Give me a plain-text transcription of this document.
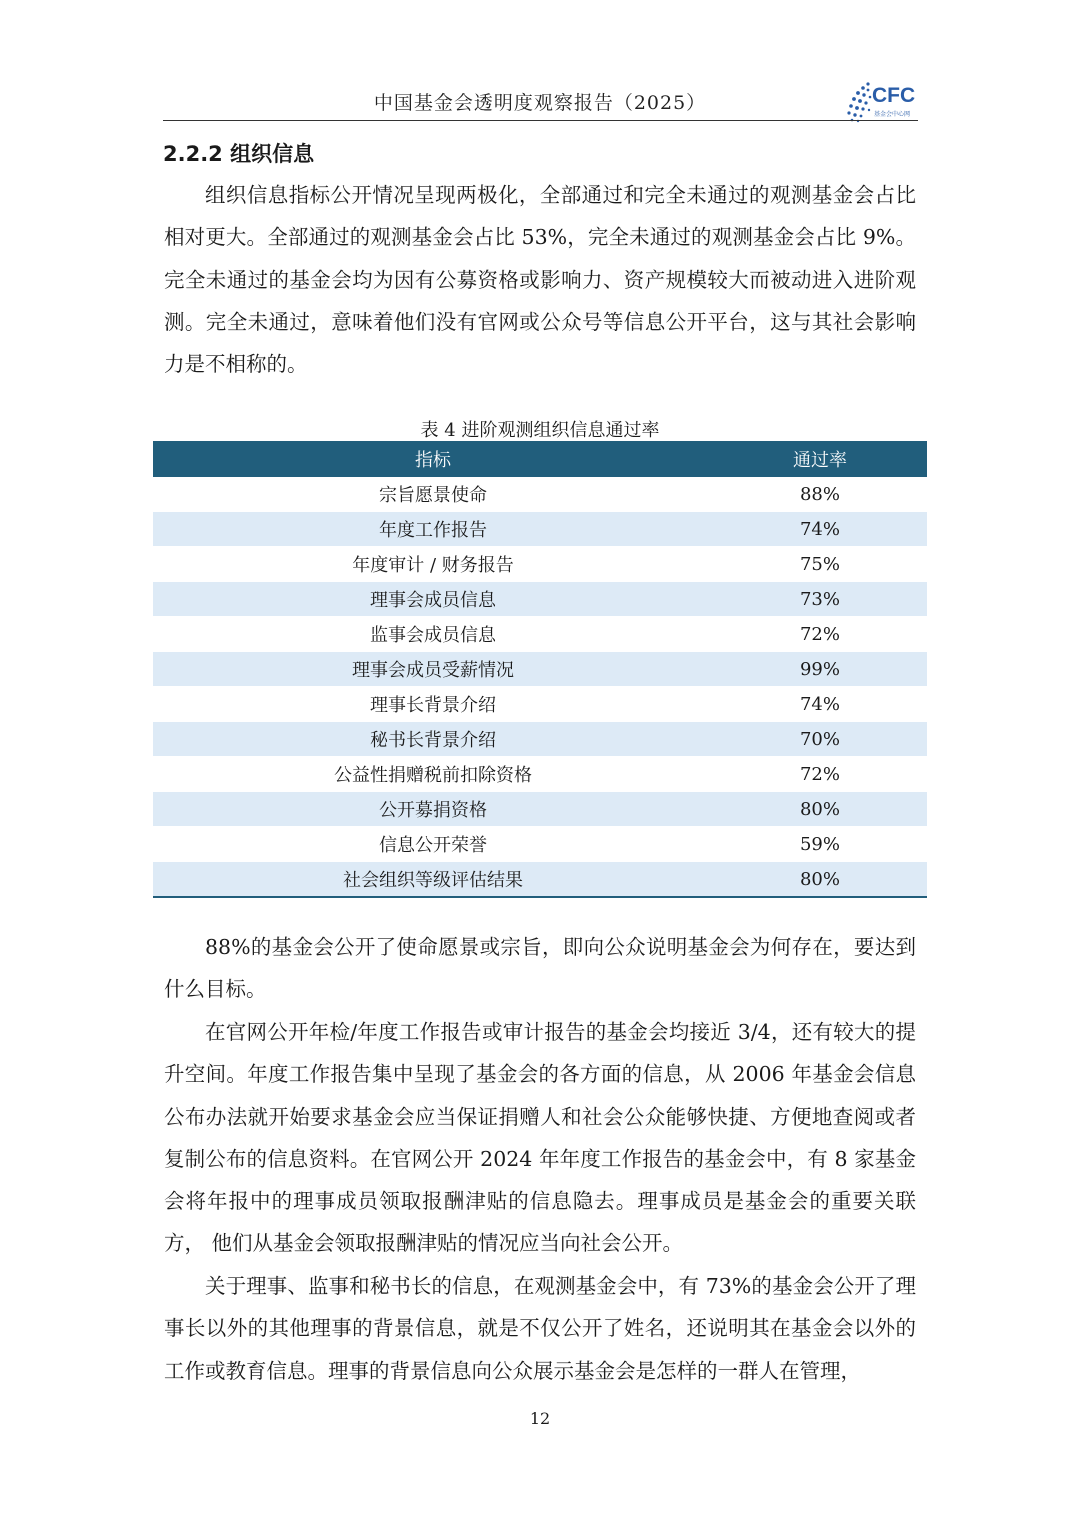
中国基金会透明度观察报告（2025）	CFC
基金会中心网
2.2.2 组织信息

组织信息指标公开情况呈现两极化，全部通过和完全未通过的观测基金会占比相对更大。全部通过的观测基金会占比 53%，完全未通过的观测基金会占比 9%。完全未通过的基金会均为因有公募资格或影响力、资产规模较大而被动进入进阶观测。完全未通过，意味着他们没有官网或公众号等信息公开平台，这与其社会影响力是不相称的。

表 4 进阶观测组织信息通过率
指标	通过率
宗旨愿景使命	88%
年度工作报告	74%
年度审计 / 财务报告	75%
理事会成员信息	73%
监事会成员信息	72%
理事会成员受薪情况	99%
理事长背景介绍	74%
秘书长背景介绍	70%
公益性捐赠税前扣除资格	72%
公开募捐资格	80%
信息公开荣誉	59%
社会组织等级评估结果	80%

88%的基金会公开了使命愿景或宗旨，即向公众说明基金会为何存在，要达到什么目标。

在官网公开年检/年度工作报告或审计报告的基金会均接近 3/4，还有较大的提升空间。年度工作报告集中呈现了基金会的各方面的信息，从 2006 年基金会信息公布办法就开始要求基金会应当保证捐赠人和社会公众能够快捷、方便地查阅或者复制公布的信息资料。在官网公开 2024 年年度工作报告的基金会中，有 8 家基金会将年报中的理事成员领取报酬津贴的信息隐去。理事成员是基金会的重要关联方， 他们从基金会领取报酬津贴的情况应当向社会公开。

关于理事、监事和秘书长的信息，在观测基金会中，有 73%的基金会公开了理事长以外的其他理事的背景信息，就是不仅公开了姓名，还说明其在基金会以外的工作或教育信息。理事的背景信息向公众展示基金会是怎样的一群人在管理，

12
